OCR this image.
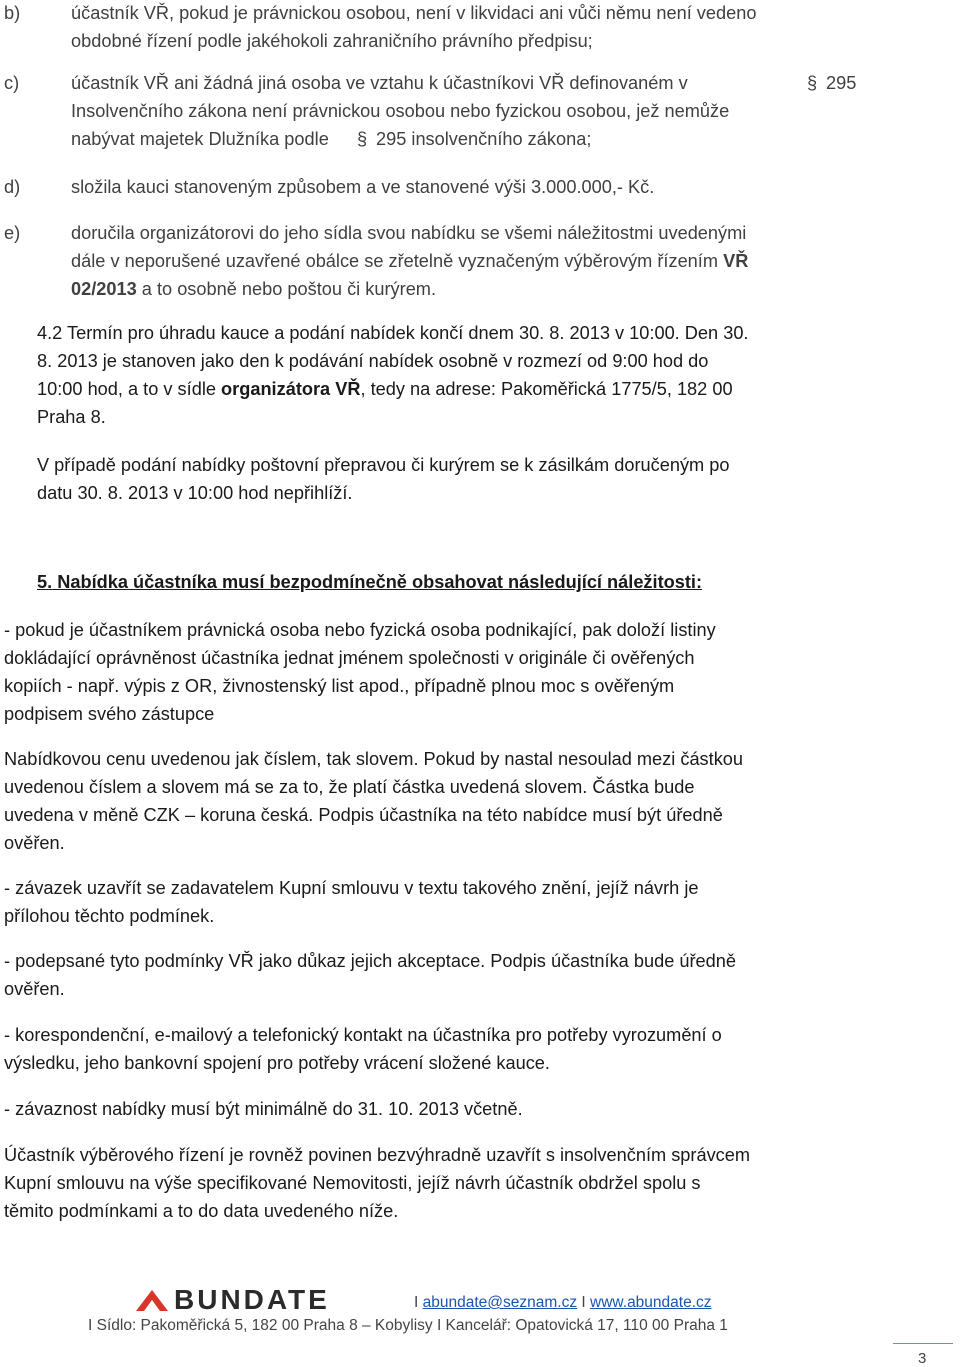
b)	účastník VŘ, pokud je právnickou osobou, není v likvidaci ani vůči němu není vedeno
obdobné řízení podle jakéhokoli zahraničního právního předpisu;
c)	účastník VŘ ani žádná jiná osoba ve vztahu k účastníkovi VŘ definovaném v	§ 295
Insolvenčního zákona není právnickou osobou nebo fyzickou osobou, jež nemůže
nabývat majetek Dlužníka podle § 295 insolvenčního zákona;
d)	složila kauci stanoveným způsobem a ve stanovené výši 3.000.000,- Kč.
e)	doručila organizátorovi do jeho sídla svou nabídku se všemi náležitostmi uvedenými
dále v neporušené uzavřené obálce se zřetelně vyznačeným výběrovým řízením VŘ
02/2013 a to osobně nebo poštou či kurýrem.
4.2 Termín pro úhradu kauce a podání nabídek končí dnem 30. 8. 2013 v 10:00. Den 30.
8. 2013 je stanoven jako den k podávání nabídek osobně v rozmezí od 9:00 hod do
10:00 hod, a to v sídle organizátora VŘ, tedy na adrese: Pakoměřická 1775/5, 182 00
Praha 8.
V případě podání nabídky poštovní přepravou či kurýrem se k zásilkám doručeným po
datu 30. 8. 2013 v 10:00 hod nepřihlíží.
5. Nabídka účastníka musí bezpodmínečně obsahovat následující náležitosti:
- pokud je účastníkem právnická osoba nebo fyzická osoba podnikající, pak doloží listiny
dokládající oprávněnost účastníka jednat jménem společnosti v originále či ověřených
kopiích - např. výpis z OR, živnostenský list apod., případně plnou moc s ověřeným
podpisem svého zástupce
Nabídkovou cenu uvedenou jak číslem, tak slovem. Pokud by nastal nesoulad mezi částkou
uvedenou číslem a slovem má se za to, že platí částka uvedená slovem. Částka bude
uvedena v měně CZK – koruna česká. Podpis účastníka na této nabídce musí být úředně
ověřen.
- závazek uzavřít se zadavatelem Kupní smlouvu v textu takového znění, jejíž návrh je
přílohou těchto podmínek.
- podepsané tyto podmínky VŘ jako důkaz jejich akceptace. Podpis účastníka bude úředně
ověřen.
- korespondenční, e-mailový a telefonický kontakt na účastníka pro potřeby vyrozumění o
výsledku, jeho bankovní spojení pro potřeby vrácení složené kauce.
- závaznost nabídky musí být minimálně do 31. 10. 2013 včetně.
Účastník výběrového řízení je rovněž povinen bezvýhradně uzavřít s insolvenčním správcem
Kupní smlouvu na výše specifikované Nemovitosti, jejíž návrh účastník obdržel spolu s
těmito podmínkami a to do data uvedeného níže.
BUNDATE	I abundate@seznam.cz I www.abundate.cz
I Sídlo: Pakoměřická 5, 182 00 Praha 8 – Kobylisy I Kancelář: Opatovická 17, 110 00 Praha 1
3
